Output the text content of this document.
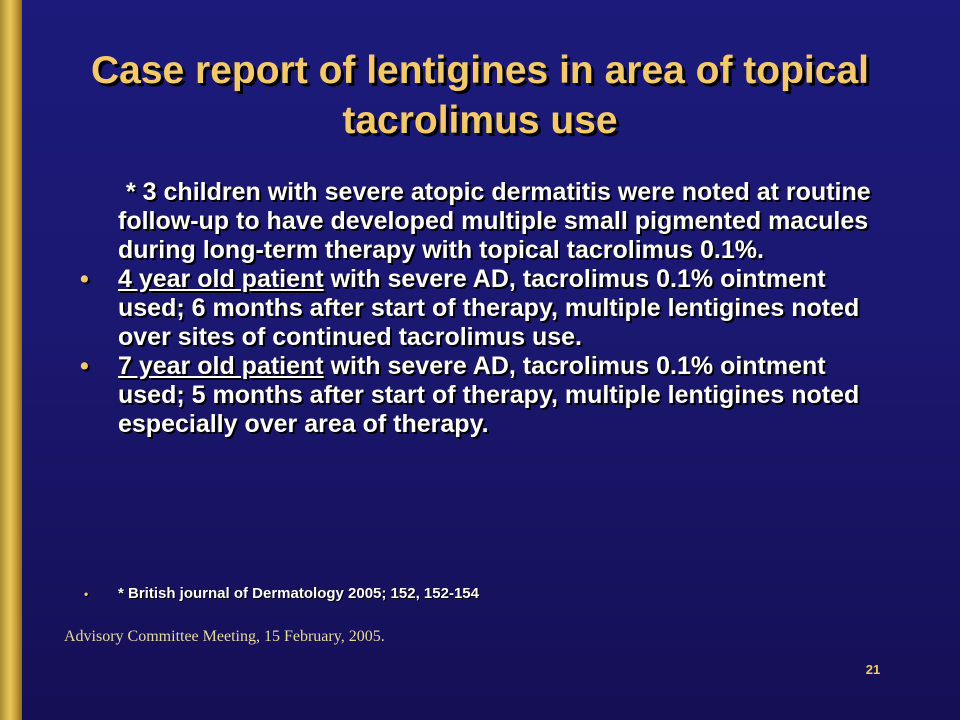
Case report of lentigines in area of topical tacrolimus use

* 3 children with severe atopic dermatitis were noted at routine follow-up to have developed multiple small pigmented macules during long-term therapy with topical tacrolimus 0.1%.

•	4 year old patient with severe AD, tacrolimus 0.1% ointment used; 6 months after start of therapy, multiple lentigines noted over sites of continued tacrolimus use.

•	7 year old patient with severe AD, tacrolimus 0.1% ointment used; 5 months after start of therapy, multiple lentigines noted especially over area of therapy.

•	* British journal of Dermatology 2005; 152, 152-154
Advisory Committee Meeting, 15 February, 2005.
21
